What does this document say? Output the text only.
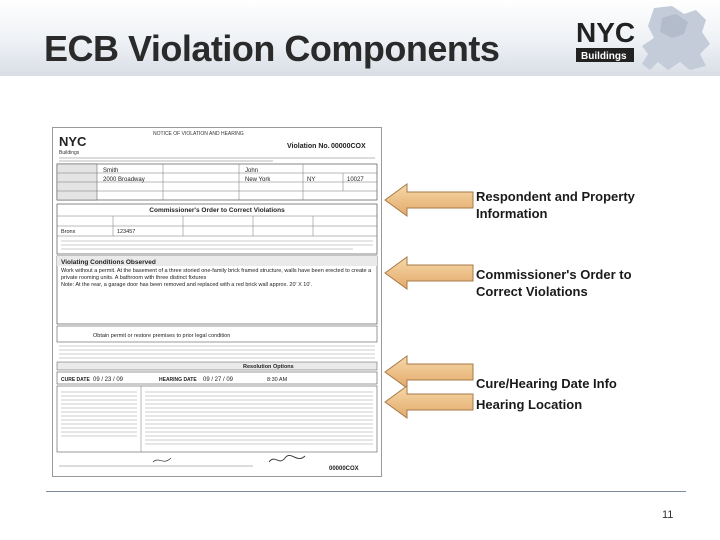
ECB Violation Components	NYC
Buildings
NYC
Buildings
NOTICE OF VIOLATION AND HEARING
Violation No. 00000COX
Smith	John
2000 Broadway	New York	NY	10027
Commissioner's Order to Correct Violations
Bronx	123457
Violating Conditions Observed
Work without a permit. At the basement of a three storied one-family brick framed structure, walls have been erected to create a private rooming units. A bathroom with three distinct fixtures
Note: At the rear, a garage door has been removed and replaced with a red brick wall approx. 20' X 10'.
Obtain permit or restore premises to prior legal condition
Resolution Options
CURE DATE 09 / 23 / 09	HEARING DATE 09 / 27 / 09	8:30 AM
00000COX
Respondent and Property Information
Commissioner's Order to Correct Violations
Cure/Hearing Date Info
Hearing Location
11
